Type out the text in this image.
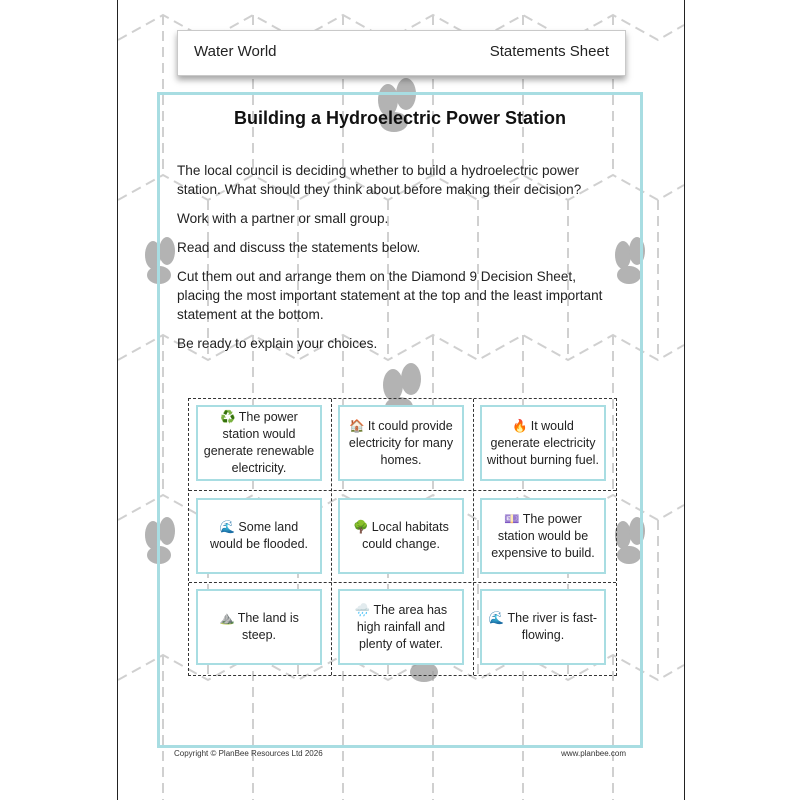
Water World	Statements Sheet
Building a Hydroelectric Power Station
The local council is deciding whether to build a hydroelectric power station. What should they think about before making their decision?
Work with a partner or small group.
Read and discuss the statements below.
Cut them out and arrange them on the Diamond 9 Decision Sheet, placing the most important statement at the top and the least important statement at the bottom.
Be ready to explain your choices.
♻️ The power station would generate renewable electricity.
🏠 It could provide electricity for many homes.
🔥 It would generate electricity without burning fuel.
🌊 Some land would be flooded.
🌳 Local habitats could change.
💷 The power station would be expensive to build.
⛰️ The land is steep.
🌧️ The area has high rainfall and plenty of water.
🌊 The river is fast-flowing.
Copyright © PlanBee Resources Ltd 2026	www.planbee.com
